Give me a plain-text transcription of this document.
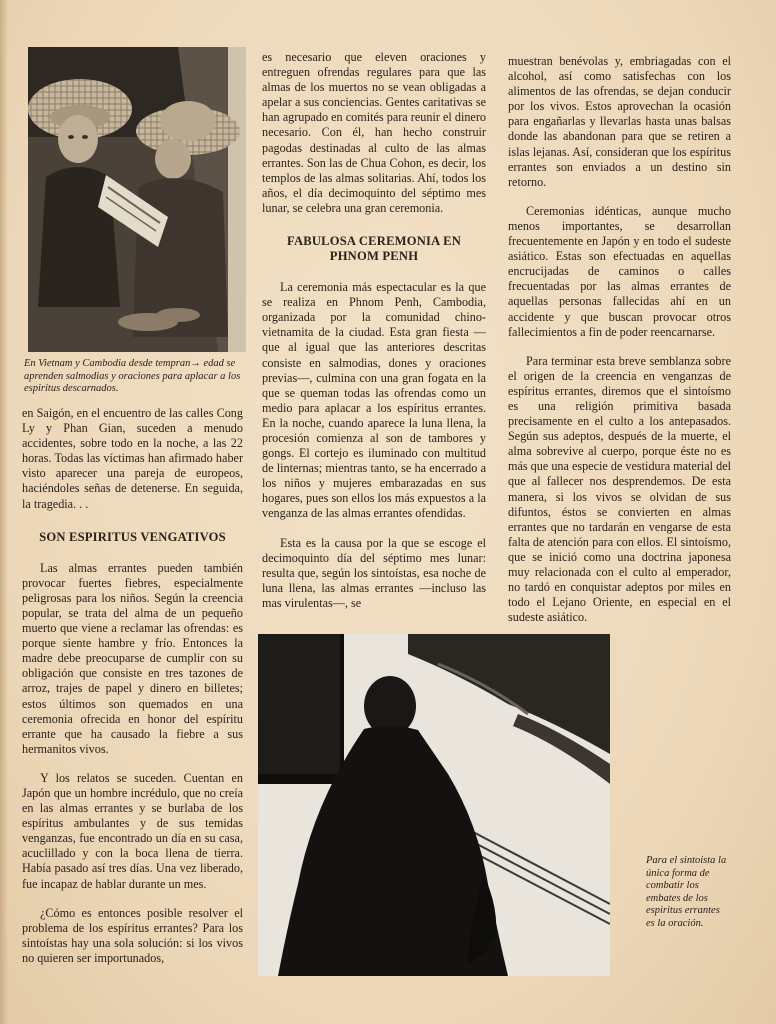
En Vietnam y Cambodia desde tempran→ edad se aprenden salmodias y oraciones para aplacar a los espiritus descarnados.

en Saigón, en el encuentro de las calles Cong Ly y Phan Gian, suceden a menudo accidentes, sobre todo en la noche, a las 22 horas. Todas las víctimas han afirmado haber visto aparecer una pareja de europeos, haciéndoles señas de detenerse. En seguida, la tragedia. . .

SON ESPIRITUS VENGATIVOS

Las almas errantes pueden también provocar fuertes fiebres, especialmente peligrosas para los niños. Según la creencia popular, se trata del alma de un pequeño muerto que viene a reclamar las ofrendas: es porque siente hambre y frío. Entonces la madre debe preocuparse de cumplir con su obligación que consiste en tres tazones de arroz, trajes de papel y dinero en billetes; estos últimos son quemados en una ceremonia ofrecida en honor del espíritu errante que ha causado la fiebre a sus hermanitos vivos.

Y los relatos se suceden. Cuentan en Japón que un hombre incrédulo, que no creía en las almas errantes y se burlaba de los espíritus ambulantes y de sus temidas venganzas, fue encontrado un día en su casa, acuclillado y con la boca llena de tierra. Había pasado así tres días. Una vez liberado, fue incapaz de hablar durante un mes.

¿Cómo es entonces posible resolver el problema de los espíritus errantes? Para los sintoístas hay una sola solución: si los vivos no quieren ser importunados,

es necesario que eleven oraciones y entreguen ofrendas regulares para que las almas de los muertos no se vean obligadas a apelar a sus conciencias. Gentes caritativas se han agrupado en comités para reunir el dinero necesario. Con él, han hecho construir pagodas destinadas al culto de las almas errantes. Son las de Chua Cohon, es decir, los templos de las almas solitarias. Ahí, todos los años, el día decimoquinto del séptimo mes lunar, se celebra una gran ceremonia.

FABULOSA CEREMONIA EN PHNOM PENH

La ceremonia más espectacular es la que se realiza en Phnom Penh, Cambodia, organizada por la comunidad chino-vietnamita de la ciudad. Esta gran fiesta —que al igual que las anteriores descritas consiste en salmodias, dones y oraciones previas—, culmina con una gran fogata en la que se queman todas las ofrendas como un medio para aplacar a los espíritus errantes. En la noche, cuando aparece la luna llena, la procesión comienza al son de tambores y gongs. El cortejo es iluminado con multitud de linternas; mientras tanto, se ha encerrado a los niños y mujeres embarazadas en sus hogares, pues son ellos los más expuestos a la venganza de las almas errantes ofendidas.

Esta es la causa por la que se escoge el decimoquinto día del séptimo mes lunar: resulta que, según los sintoístas, esa noche de luna llena, las almas errantes —incluso las mas virulentas—, se

muestran benévolas y, embriagadas con el alcohol, así como satisfechas con los alimentos de las ofrendas, se dejan conducir por los vivos. Estos aprovechan la ocasión para engañarlas y llevarlas hasta unas balsas donde las abandonan para que se retiren a islas lejanas. Así, consideran que los espíritus errantes son enviados a un destino sin retorno.

Ceremonias idénticas, aunque mucho menos importantes, se desarrollan frecuentemente en Japón y en todo el sudeste asiático. Estas son efectuadas en aquellas encrucijadas de caminos o calles frecuentadas por las almas errantes de aquellas personas fallecidas ahí en un accidente y que buscan provocar otros fallecimientos a fin de poder reencarnarse.

Para terminar esta breve semblanza sobre el origen de la creencia en venganzas de espíritus errantes, diremos que el sintoísmo es una religión primitiva basada precisamente en el culto a los antepasados. Según sus adeptos, después de la muerte, el alma sobrevive al cuerpo, porque éste no es más que una especie de vestidura material del que al fallecer nos desprendemos. De esta manera, si los vivos se olvidan de sus difuntos, éstos se convierten en almas errantes que no tardarán en vengarse de esta falta de atención para con ellos. El sintoísmo, que se inició como una doctrina japonesa muy relacionada con el culto al emperador, no tardó en conquistar adeptos por miles en todo el Lejano Oriente, en especial en el sudeste asiático.

Para el sintoista la única forma de combatir los embates de los espiritus errantes es la oración.
